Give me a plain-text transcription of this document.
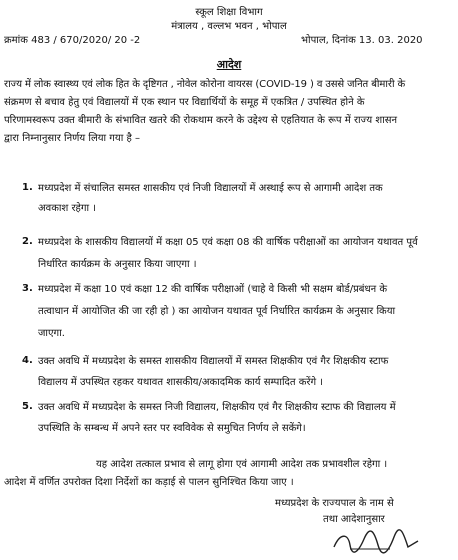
स्कूल शिक्षा विभाग
मंत्रालय , वल्लभ भवन , भोपाल
क्रमांक 483 / 670/2020/ 20 -2	भोपाल, दिनांक 13. 03. 2020
आदेश
राज्य में लोक स्वास्थ्य एवं लोक हित के दृष्टिगत , नोवेल कोरोना वायरस (COVID-19 ) व उससे जनित बीमारी के
संक्रमण से बचाव हेतु एवं विद्यालयों में एक स्थान पर विद्यार्थियों के समूह में एकत्रित / उपस्थित होने के
परिणामस्वरूप उक्त बीमारी के संभावित खतरे की रोकथाम करने के उद्देश्य से एहतियात के रूप में राज्य शासन
द्वारा निम्नानुसार निर्णय लिया गया है –
1. मध्यप्रदेश में संचालित समस्त शासकीय एवं निजी विद्यालयों में अस्थाई रूप से आगामी आदेश तक
अवकाश रहेगा ।
2. मध्यप्रदेश के शासकीय विद्यालयों में कक्षा 05 एवं कक्षा 08 की वार्षिक परीक्षाओं का आयोजन यथावत पूर्व
निर्धारित कार्यक्रम के अनुसार किया जाएगा ।
3. मध्यप्रदेश में कक्षा 10 एवं कक्षा 12 की वार्षिक परीक्षाओं (चाहे वे किसी भी सक्षम बोर्ड/प्रबंधन के
तत्वाधान में आयोजित की जा रही हो ) का आयोजन यथावत पूर्व निर्धारित कार्यक्रम के अनुसार किया
जाएगा.
4. उक्त अवधि में मध्यप्रदेश के समस्त शासकीय विद्यालयों में समस्त शिक्षकीय एवं गैर शिक्षकीय स्टाफ
विद्यालय में उपस्थित रहकर यथावत शासकीय/अकादमिक कार्य सम्पादित करेंगे ।
5. उक्त अवधि में मध्यप्रदेश के समस्त निजी विद्यालय, शिक्षकीय एवं गैर शिक्षकीय स्टाफ की विद्यालय में
उपस्थिति के सम्बन्ध में अपने स्तर पर स्वविवेक से समुचित निर्णय ले सकेंगे।
यह आदेश तत्काल प्रभाव से लागू होगा एवं आगामी आदेश तक प्रभावशील रहेगा ।
आदेश में वर्णित उपरोक्त दिशा निर्देशों का कड़ाई से पालन सुनिश्चित किया जाए ।
मध्यप्रदेश के राज्यपाल के नाम से
तथा आदेशानुसार
